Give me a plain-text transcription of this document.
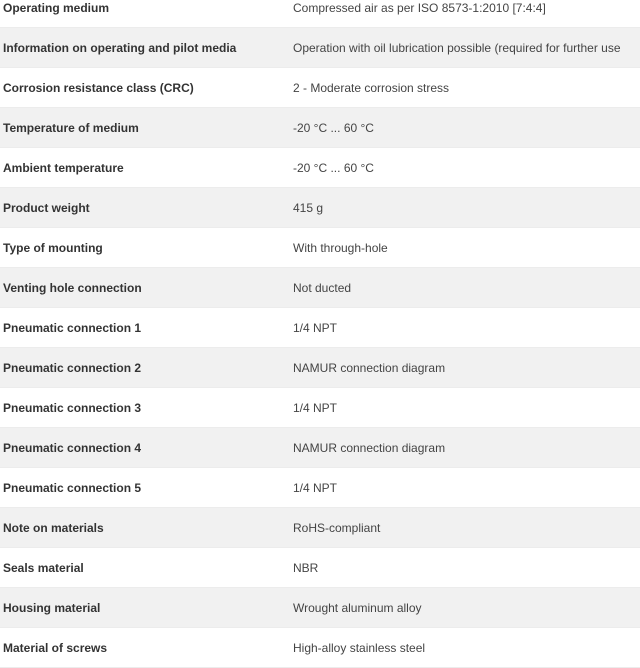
Operating medium	Compressed air as per ISO 8573-1:2010 [7:4:4]
Information on operating and pilot media	Operation with oil lubrication possible (required for further use
Corrosion resistance class (CRC)	2 - Moderate corrosion stress
Temperature of medium	-20 °C ... 60 °C
Ambient temperature	-20 °C ... 60 °C
Product weight	415 g
Type of mounting	With through-hole
Venting hole connection	Not ducted
Pneumatic connection 1	1/4 NPT
Pneumatic connection 2	NAMUR connection diagram
Pneumatic connection 3	1/4 NPT
Pneumatic connection 4	NAMUR connection diagram
Pneumatic connection 5	1/4 NPT
Note on materials	RoHS-compliant
Seals material	NBR
Housing material	Wrought aluminum alloy
Material of screws	High-alloy stainless steel
